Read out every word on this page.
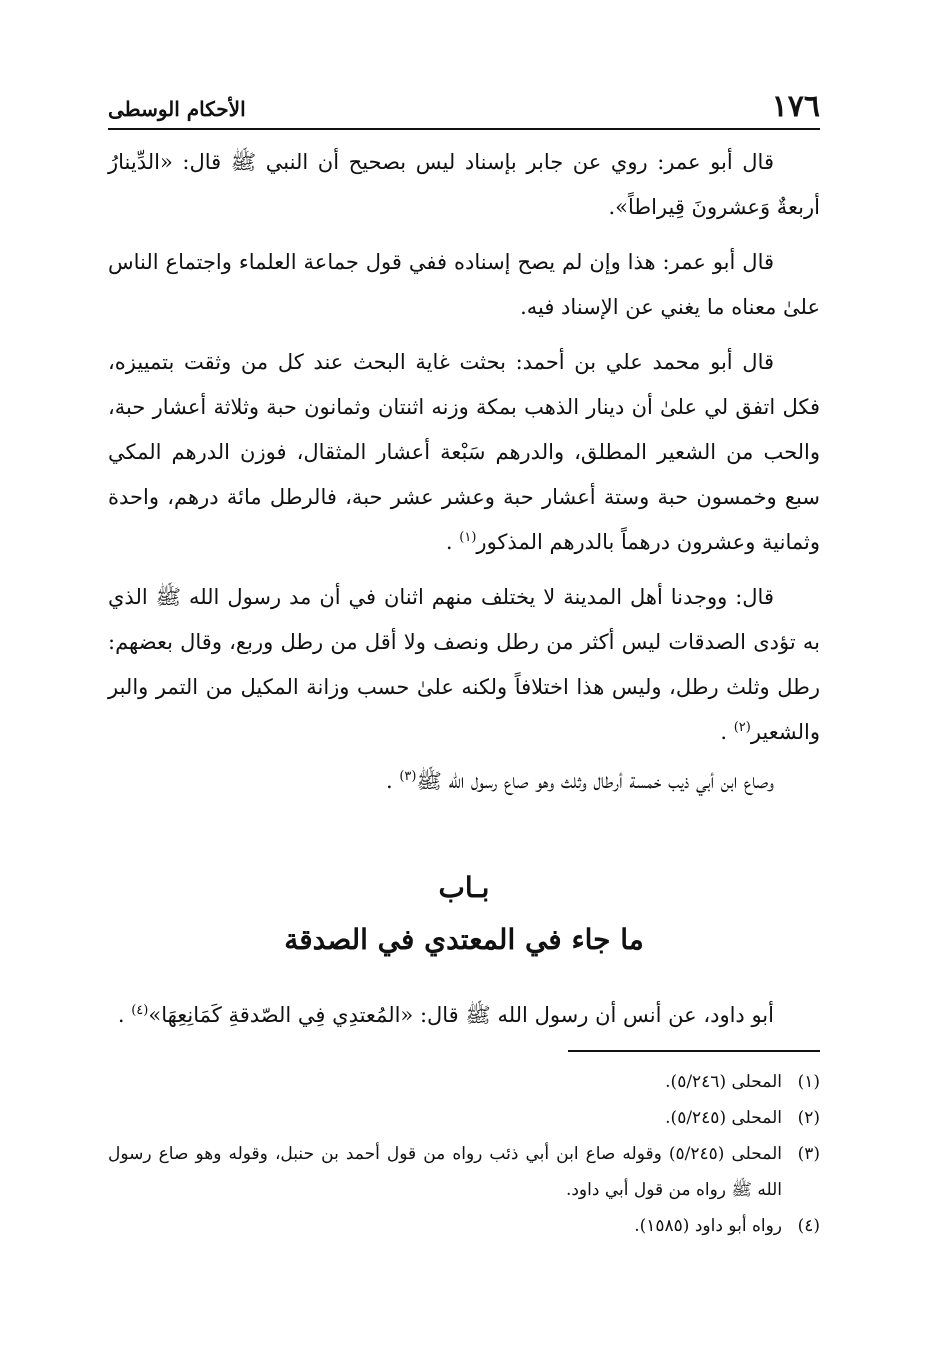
١٧٦
الأحكام الوسطى

قال أبو عمر: روي عن جابر بإسناد ليس بصحيح أن النبي ﷺ قال: «الدِّينارُ أربعةٌ وَعشرونَ قِيراطاً».

قال أبو عمر: هذا وإن لم يصح إسناده ففي قول جماعة العلماء واجتماع الناس علىٰ معناه ما يغني عن الإسناد فيه.

قال أبو محمد علي بن أحمد: بحثت غاية البحث عند كل من وثقت بتمييزه، فكل اتفق لي علىٰ أن دينار الذهب بمكة وزنه اثنتان وثمانون حبة وثلاثة أعشار حبة، والحب من الشعير المطلق، والدرهم سَبْعة أعشار المثقال، فوزن الدرهم المكي سبع وخمسون حبة وستة أعشار حبة وعشر عشر حبة، فالرطل مائة درهم، واحدة وثمانية وعشرون درهماً بالدرهم المذكور$^{(١)}$ .

قال: ووجدنا أهل المدينة لا يختلف منهم اثنان في أن مد رسول الله ﷺ الذي به تؤدى الصدقات ليس أكثر من رطل ونصف ولا أقل من رطل وربع، وقال بعضهم: رطل وثلث رطل، وليس هذا اختلافاً ولكنه علىٰ حسب وزانة المكيل من التمر والبر والشعير$^{(٢)}$ .

وصاع ابن أبي ذيب خمسة أرطال وثلث وهو صاع رسول الله ﷺ$^{(٣)}$ .

بـاب
ما جاء في المعتدي في الصدقة
أبو داود، عن أنس أن رسول الله ﷺ قال: «المُعتدِي فِي الصّدقةِ كَمَانِعِهَا»$^{(٤)}$ .
(١)
المحلى (٥/٢٤٦).
(٢)
المحلى (٥/٢٤٥).
(٣)
المحلى (٥/٢٤٥) وقوله صاع ابن أبي ذئب رواه من قول أحمد بن حنبل، وقوله وهو صاع رسول الله ﷺ رواه من قول أبي داود.
(٤)
رواه أبو داود (١٥٨٥).
